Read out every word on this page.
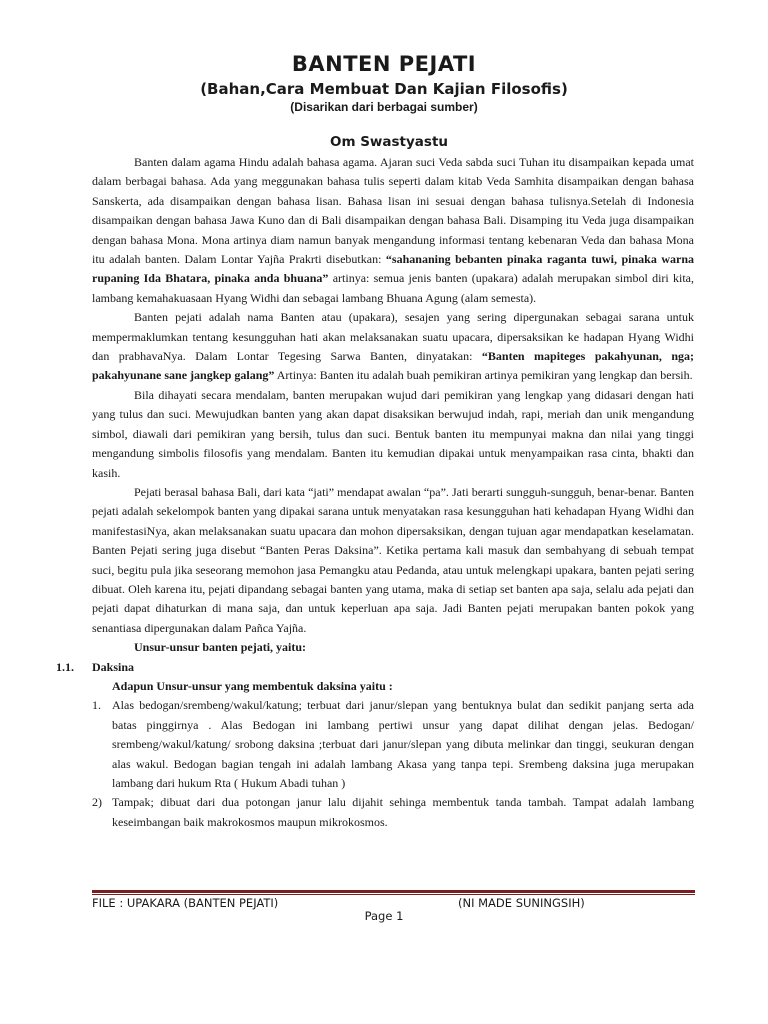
BANTEN PEJATI
(Bahan,Cara Membuat Dan Kajian Filosofis)
(Disarikan dari berbagai sumber)
Om Swastyastu

Banten dalam agama Hindu adalah bahasa agama. Ajaran suci Veda sabda suci Tuhan itu disampaikan kepada umat dalam berbagai bahasa. Ada yang meggunakan bahasa tulis seperti dalam kitab Veda Samhita disampaikan dengan bahasa Sanskerta, ada disampaikan dengan bahasa lisan. Bahasa lisan ini sesuai dengan bahasa tulisnya.Setelah di Indonesia disampaikan dengan bahasa Jawa Kuno dan di Bali disampaikan dengan bahasa Bali. Disamping itu Veda juga disampaikan dengan bahasa Mona. Mona artinya diam namun banyak mengandung informasi tentang kebenaran Veda dan bahasa Mona itu adalah banten. Dalam Lontar Yajña Prakrti disebutkan: “sahananing bebanten pinaka raganta tuwi, pinaka warna rupaning Ida Bhatara, pinaka anda bhuana” artinya: semua jenis banten (upakara) adalah merupakan simbol diri kita, lambang kemahakuasaan Hyang Widhi dan sebagai lambang Bhuana Agung (alam semesta).

Banten pejati adalah nama Banten atau (upakara), sesajen yang sering dipergunakan sebagai sarana untuk mempermaklumkan tentang kesungguhan hati akan melaksanakan suatu upacara, dipersaksikan ke hadapan Hyang Widhi dan prabhavaNya. Dalam Lontar Tegesing Sarwa Banten, dinyatakan: “Banten mapiteges pakahyunan, nga; pakahyunane sane jangkep galang” Artinya: Banten itu adalah buah pemikiran artinya pemikiran yang lengkap dan bersih.

Bila dihayati secara mendalam, banten merupakan wujud dari pemikiran yang lengkap yang didasari dengan hati yang tulus dan suci. Mewujudkan banten yang akan dapat disaksikan berwujud indah, rapi, meriah dan unik mengandung simbol, diawali dari pemikiran yang bersih, tulus dan suci. Bentuk banten itu mempunyai makna dan nilai yang tinggi mengandung simbolis filosofis yang mendalam. Banten itu kemudian dipakai untuk menyampaikan rasa cinta, bhakti dan kasih.

Pejati berasal bahasa Bali, dari kata “jati” mendapat awalan “pa”. Jati berarti sungguh-sungguh, benar-benar. Banten pejati adalah sekelompok banten yang dipakai sarana untuk menyatakan rasa kesungguhan hati kehadapan Hyang Widhi dan manifestasiNya, akan melaksanakan suatu upacara dan mohon dipersaksikan, dengan tujuan agar mendapatkan keselamatan. Banten Pejati sering juga disebut “Banten Peras Daksina”. Ketika pertama kali masuk dan sembahyang di sebuah tempat suci, begitu pula jika seseorang memohon jasa Pemangku atau Pedanda, atau untuk melengkapi upakara, banten pejati sering dibuat. Oleh karena itu, pejati dipandang sebagai banten yang utama, maka di setiap set banten apa saja, selalu ada pejati dan pejati dapat dihaturkan di mana saja, dan untuk keperluan apa saja. Jadi Banten pejati merupakan banten pokok yang senantiasa dipergunakan dalam Pañca Yajña.

Unsur-unsur banten pejati, yaitu:
1.1. Daksina
Adapun Unsur-unsur yang membentuk daksina yaitu :
1. Alas bedogan/srembeng/wakul/katung; terbuat dari janur/slepan yang bentuknya bulat dan sedikit panjang serta ada batas pinggirnya . Alas Bedogan ini lambang pertiwi unsur yang dapat dilihat dengan jelas. Bedogan/ srembeng/wakul/katung/ srobong daksina ;terbuat dari janur/slepan yang dibuta melinkar dan tinggi, seukuran dengan alas wakul. Bedogan bagian tengah ini adalah lambang Akasa yang tanpa tepi. Srembeng daksina juga merupakan lambang dari hukum Rta ( Hukum Abadi tuhan )
2) Tampak; dibuat dari dua potongan janur lalu dijahit sehinga membentuk tanda tambah. Tampat adalah lambang keseimbangan baik makrokosmos maupun mikrokosmos.
FILE : UPAKARA (BANTEN PEJATI)	(NI MADE SUNINGSIH)
Page 1
